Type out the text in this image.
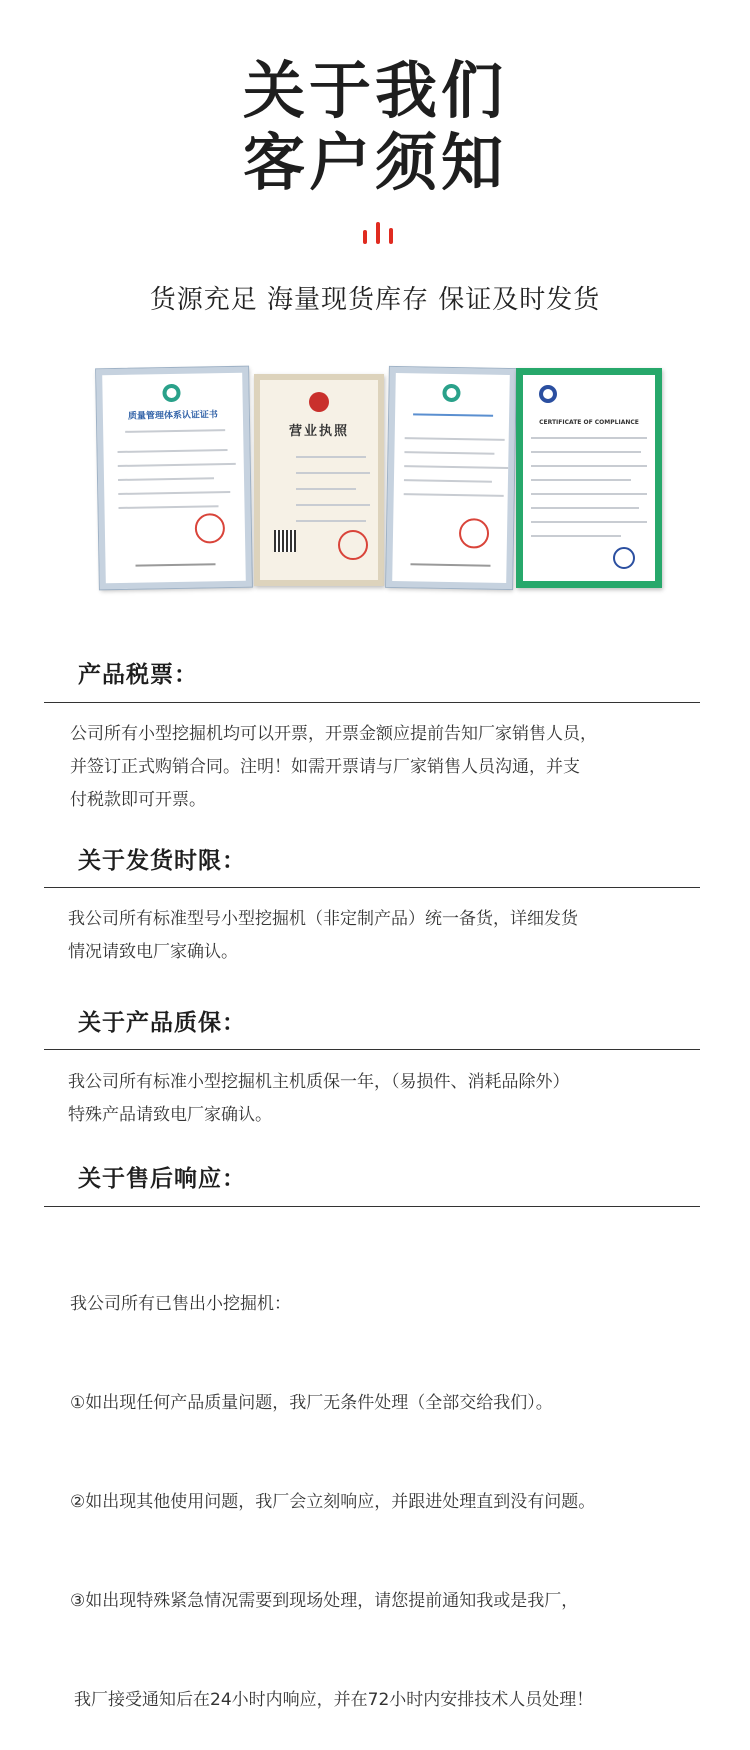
关于我们
客户须知
货源充足 海量现货库存 保证及时发货
质量管理体系认证证书
营业执照
CERTIFICATE OF COMPLIANCE
产品税票：
公司所有小型挖掘机均可以开票，开票金额应提前告知厂家销售人员，
并签订正式购销合同。注明！如需开票请与厂家销售人员沟通，并支
付税款即可开票。
关于发货时限：
我公司所有标准型号小型挖掘机（非定制产品）统一备货，详细发货
情况请致电厂家确认。
关于产品质保：
我公司所有标准小型挖掘机主机质保一年，（易损件、消耗品除外）
特殊产品请致电厂家确认。
关于售后响应：

我公司所有已售出小挖掘机：

①如出现任何产品质量问题，我厂无条件处理（全部交给我们）。

②如出现其他使用问题，我厂会立刻响应，并跟进处理直到没有问题。

③如出现特殊紧急情况需要到现场处理，请您提前通知我或是我厂，

我厂接受通知后在24小时内响应，并在72小时内安排技术人员处理！
